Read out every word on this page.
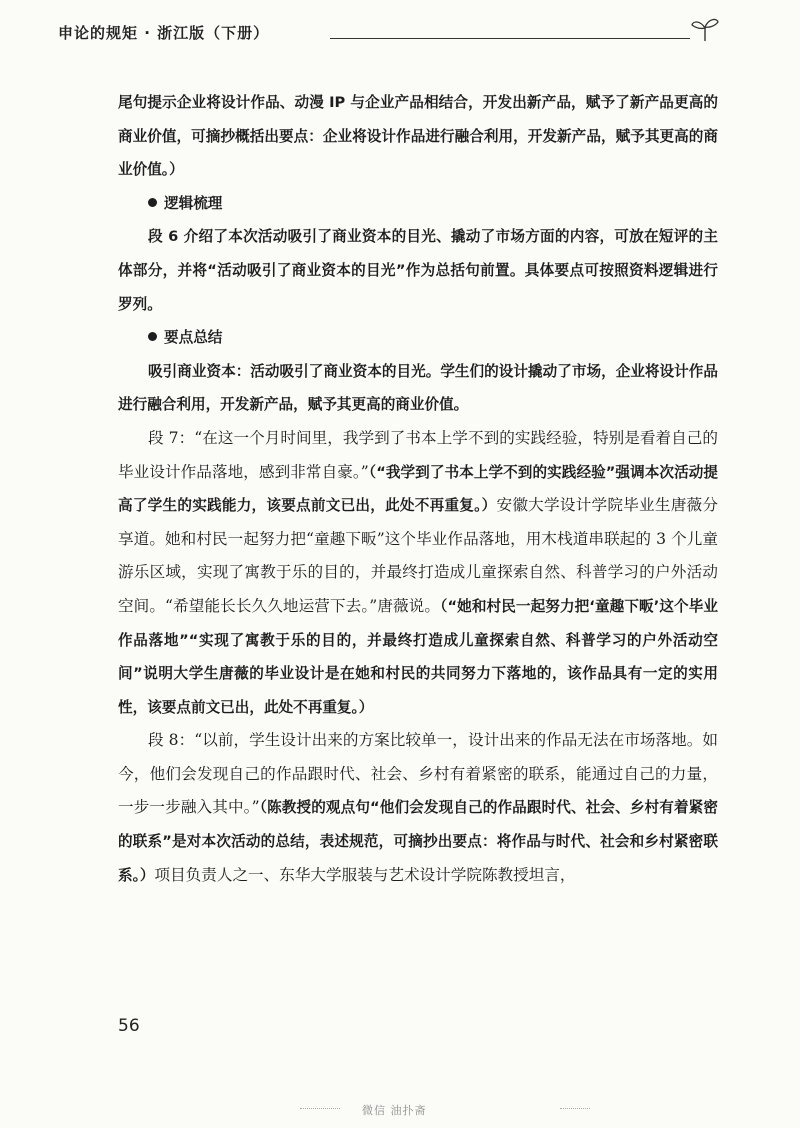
申论的规矩 · 浙江版（下册）

尾句提示企业将设计作品、动漫 IP 与企业产品相结合，开发出新产品，赋予了新产品更高的商业价值，可摘抄概括出要点：企业将设计作品进行融合利用，开发新产品，赋予其更高的商业价值。）

逻辑梳理

段 6 介绍了本次活动吸引了商业资本的目光、撬动了市场方面的内容，可放在短评的主体部分，并将“活动吸引了商业资本的目光”作为总括句前置。具体要点可按照资料逻辑进行罗列。

要点总结

吸引商业资本：活动吸引了商业资本的目光。学生们的设计撬动了市场，企业将设计作品进行融合利用，开发新产品，赋予其更高的商业价值。

段 7：“在这一个月时间里，我学到了书本上学不到的实践经验，特别是看着自己的毕业设计作品落地，感到非常自豪。”（“我学到了书本上学不到的实践经验”强调本次活动提高了学生的实践能力，该要点前文已出，此处不再重复。）安徽大学设计学院毕业生唐薇分享道。她和村民一起努力把“童趣下畈”这个毕业作品落地，用木栈道串联起的 3 个儿童游乐区域，实现了寓教于乐的目的，并最终打造成儿童探索自然、科普学习的户外活动空间。“希望能长长久久地运营下去。”唐薇说。（“她和村民一起努力把‘童趣下畈’这个毕业作品落地”“实现了寓教于乐的目的，并最终打造成儿童探索自然、科普学习的户外活动空间”说明大学生唐薇的毕业设计是在她和村民的共同努力下落地的，该作品具有一定的实用性，该要点前文已出，此处不再重复。）

段 8：“以前，学生设计出来的方案比较单一，设计出来的作品无法在市场落地。如今，他们会发现自己的作品跟时代、社会、乡村有着紧密的联系，能通过自己的力量，一步一步融入其中。”（陈教授的观点句“他们会发现自己的作品跟时代、社会、乡村有着紧密的联系”是对本次活动的总结，表述规范，可摘抄出要点：将作品与时代、社会和乡村紧密联系。）项目负责人之一、东华大学服装与艺术设计学院陈教授坦言，

56
微信 油扑斋
